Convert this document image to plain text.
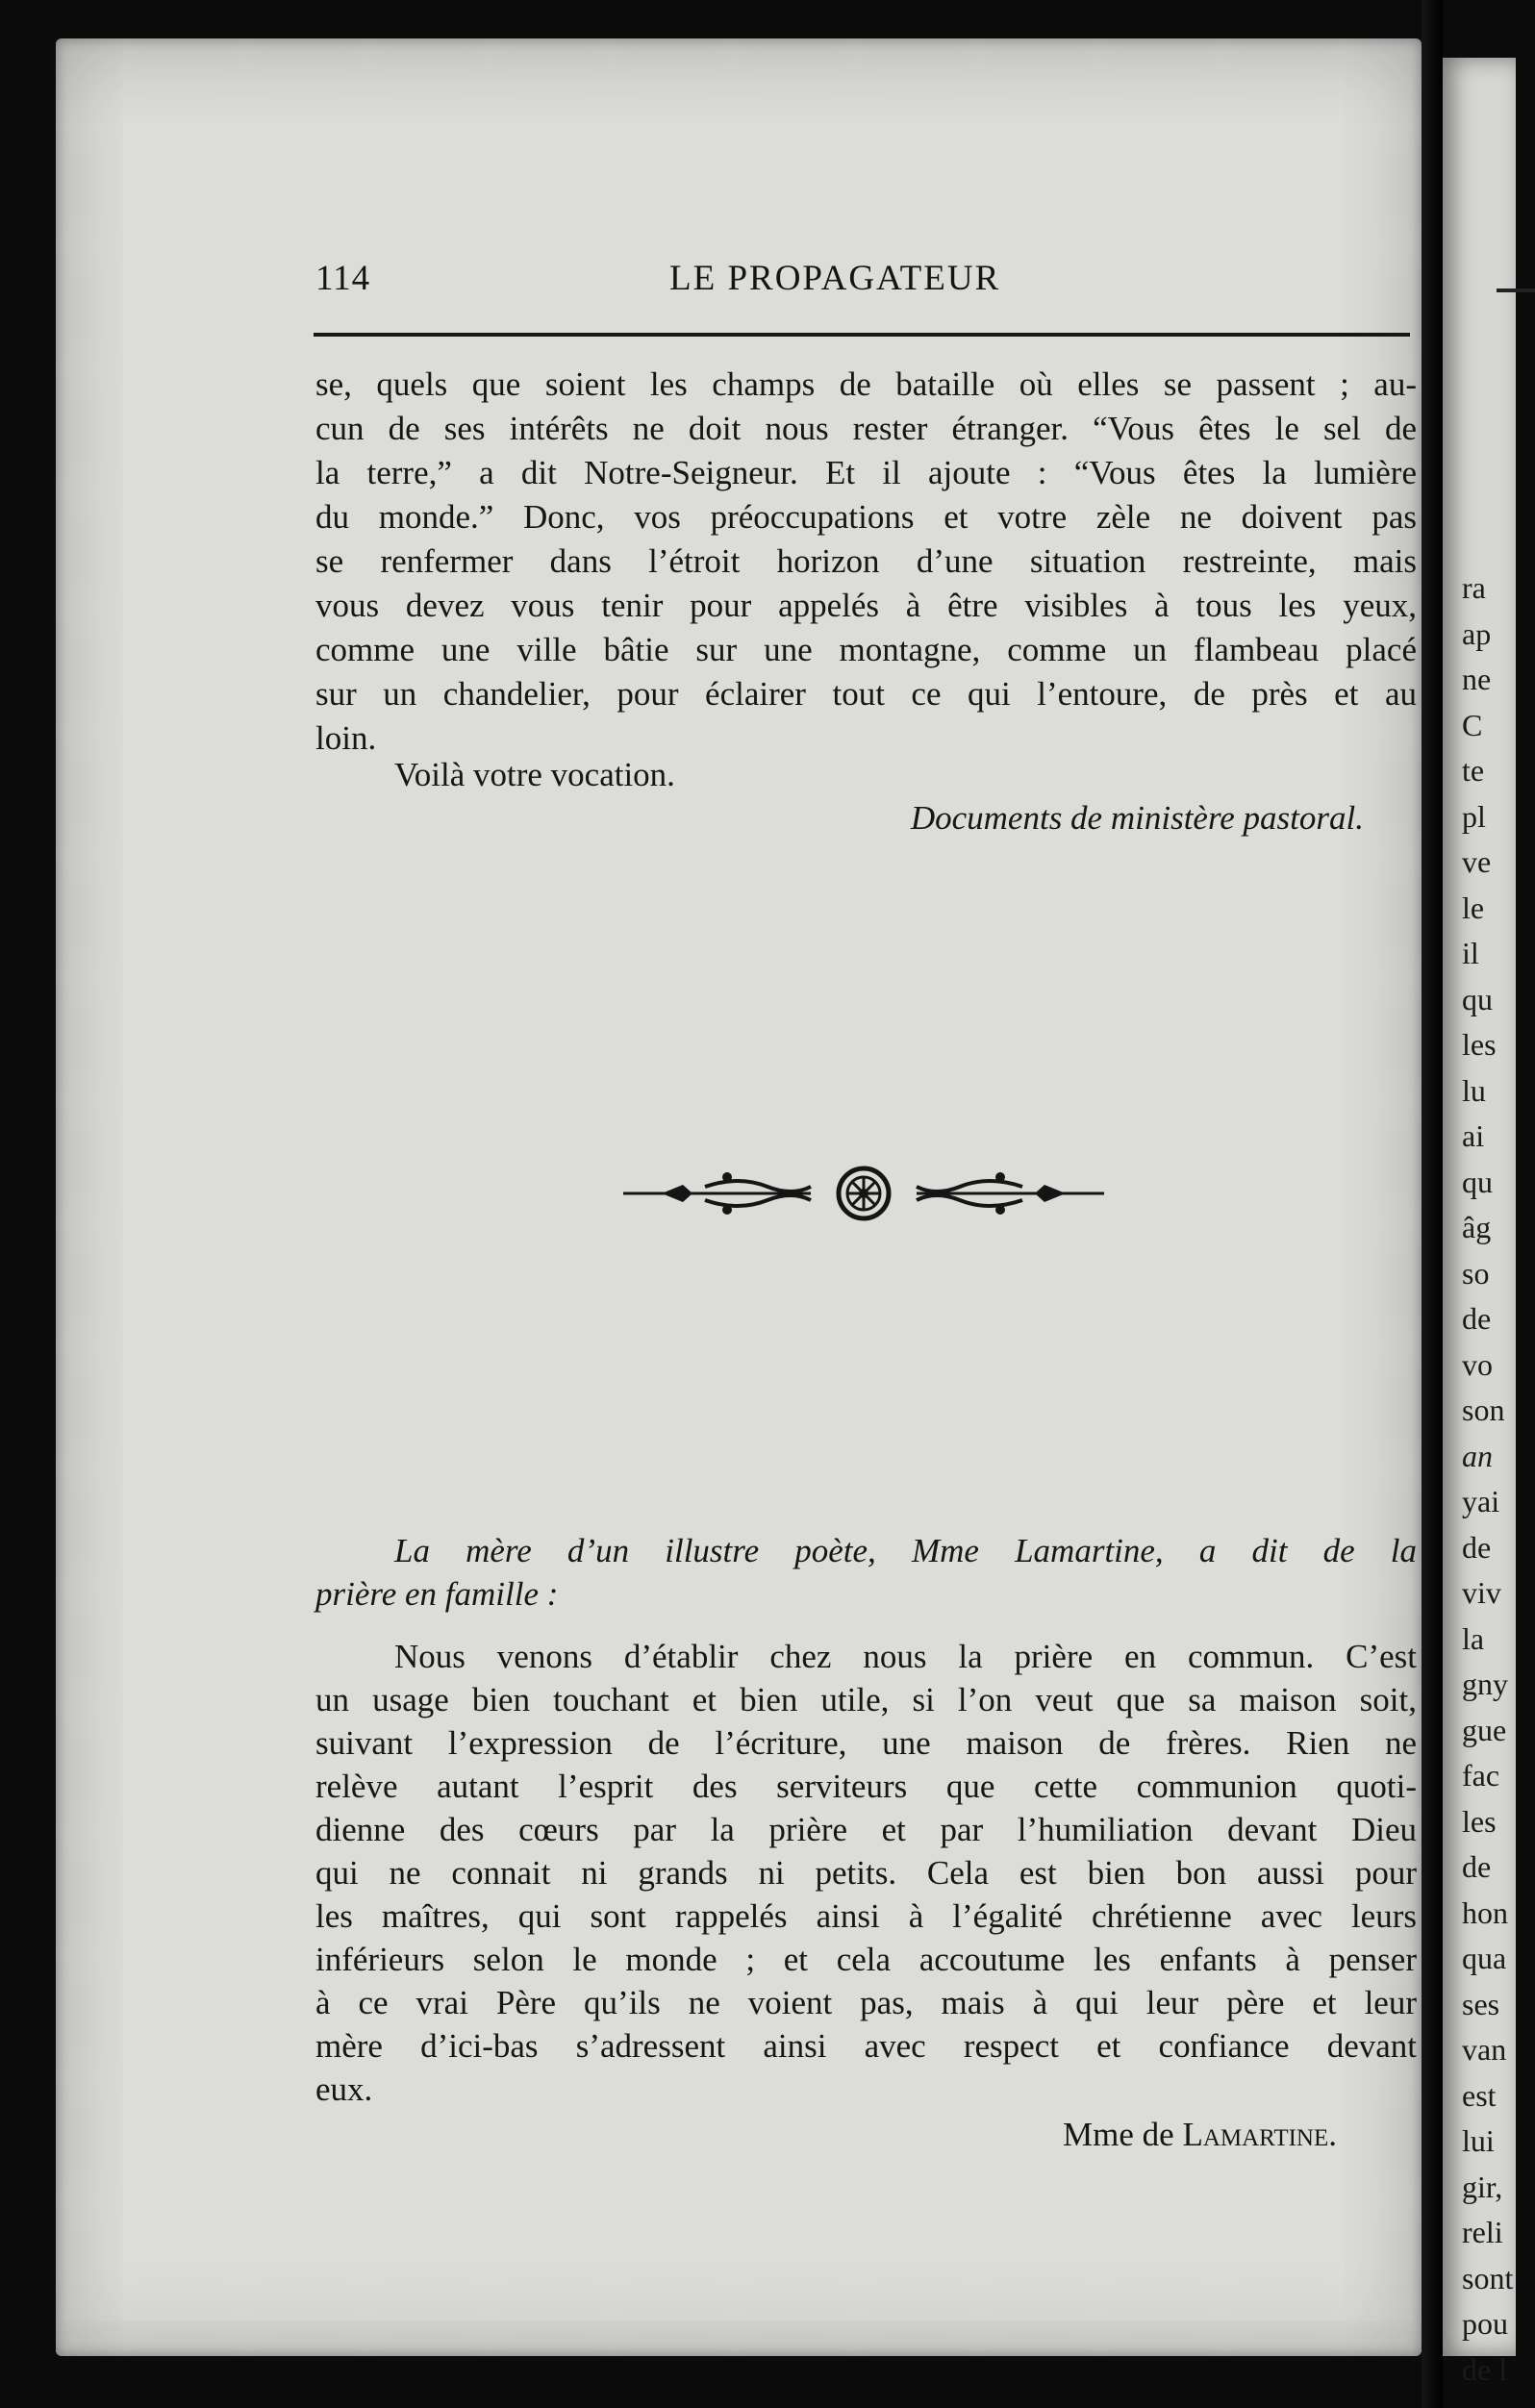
114	LE PROPAGATEUR
se, quels que soient les champs de bataille où elles se passent ; au-
cun de ses intérêts ne doit nous rester étranger. “Vous êtes le sel de
la terre,” a dit Notre-Seigneur. Et il ajoute : “Vous êtes la lumière
du monde.” Donc, vos préoccupations et votre zèle ne doivent pas
se renfermer dans l’étroit horizon d’une situation restreinte, mais
vous devez vous tenir pour appelés à être visibles à tous les yeux,
comme une ville bâtie sur une montagne, comme un flambeau placé
sur un chandelier, pour éclairer tout ce qui l’entoure, de près et au
loin.
Voilà votre vocation.
Documents de ministère pastoral.
La mère d’un illustre poète, Mme Lamartine, a dit de la
prière en famille :
Nous venons d’établir chez nous la prière en commun. C’est
un usage bien touchant et bien utile, si l’on veut que sa maison soit,
suivant l’expression de l’écriture, une maison de frères. Rien ne
relève autant l’esprit des serviteurs que cette communion quoti-
dienne des cœurs par la prière et par l’humiliation devant Dieu
qui ne connait ni grands ni petits. Cela est bien bon aussi pour
les maîtres, qui sont rappelés ainsi à l’égalité chrétienne avec leurs
inférieurs selon le monde ; et cela accoutume les enfants à penser
à ce vrai Père qu’ils ne voient pas, mais à qui leur père et leur
mère d’ici-bas s’adressent ainsi avec respect et confiance devant
eux.
Mme de Lamartine.
ra
ap
ne
C
te
pl
ve
le
il
qu
les
lu
ai
qu
âg
so
de
vo
son
an
yai
de
viv
la
gny
gue
fac
les
de
hon
qua
ses
van
est
lui
gir,
reli
sont
pou
de l
